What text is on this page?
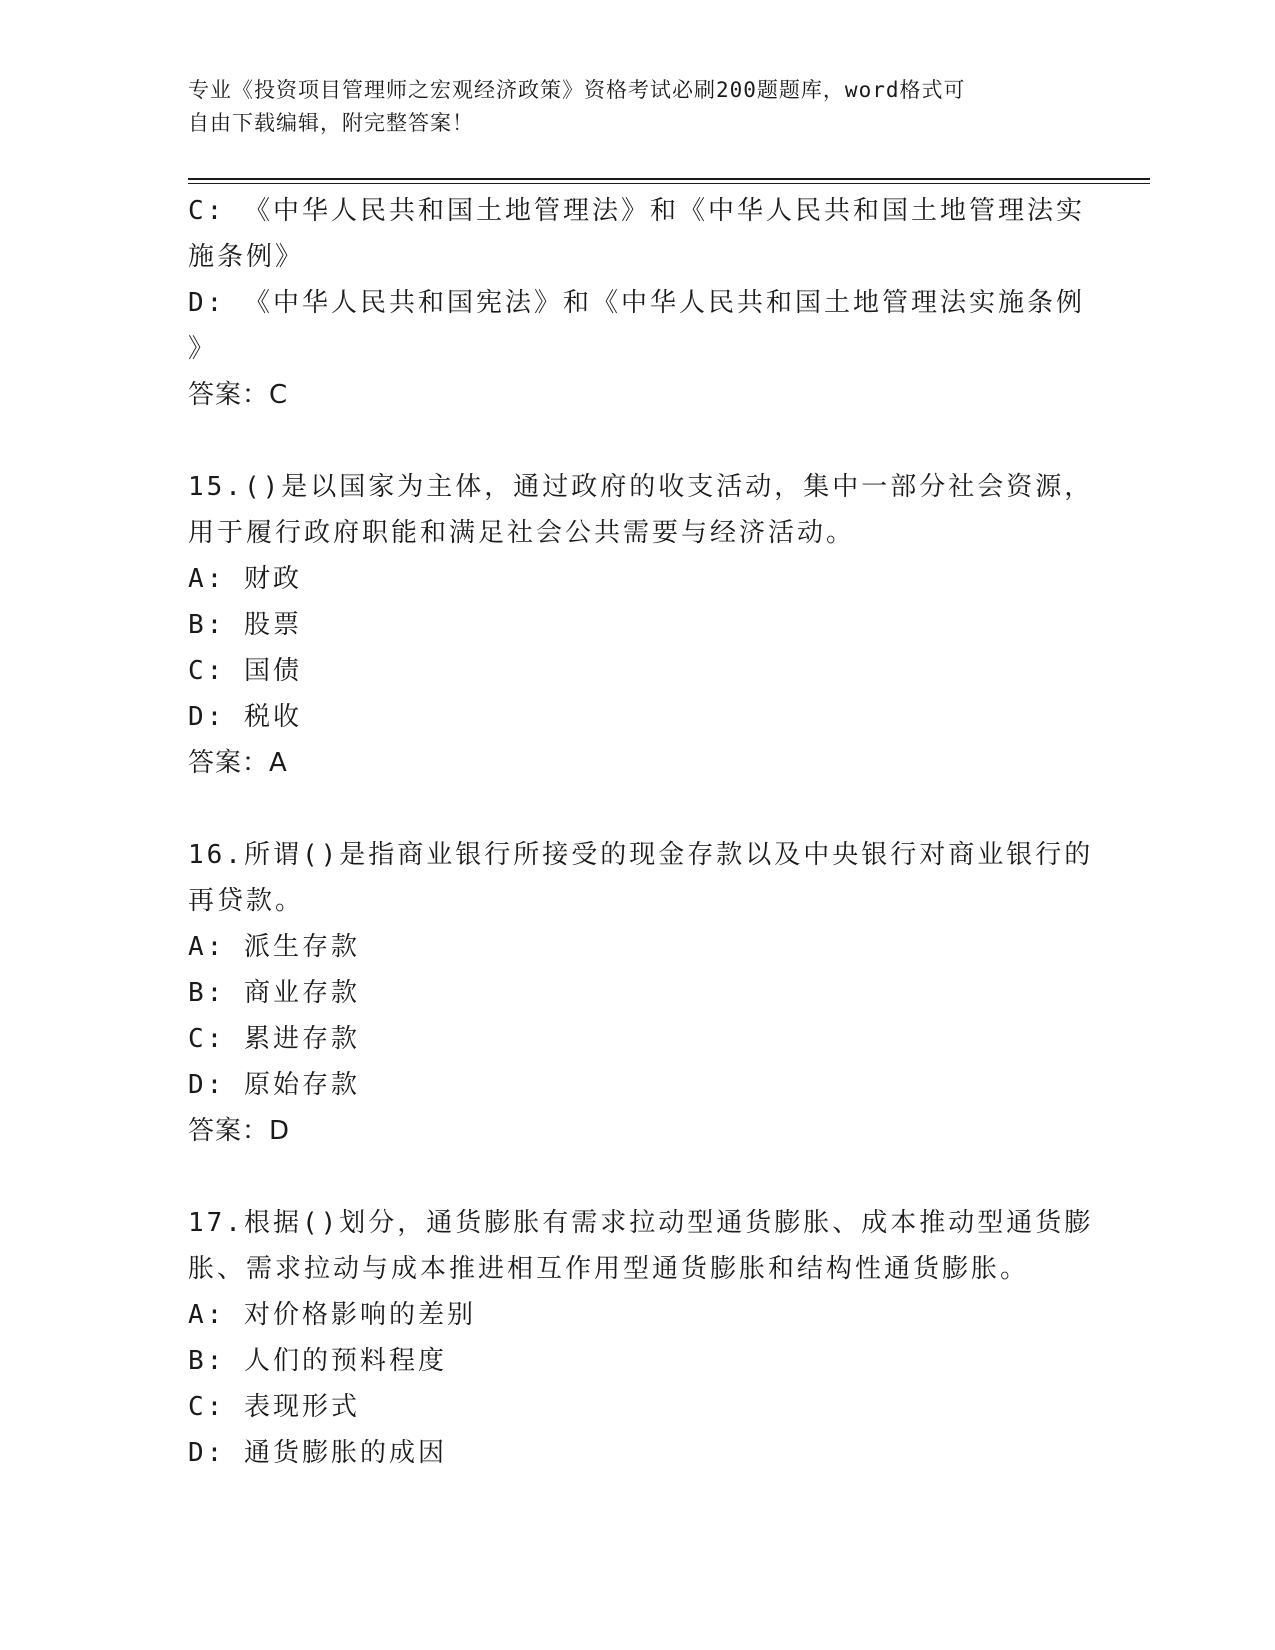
专业《投资项目管理师之宏观经济政策》资格考试必刷200题题库，word格式可
自由下载编辑，附完整答案！
C: 《中华人民共和国土地管理法》和《中华人民共和国土地管理法实
施条例》
D: 《中华人民共和国宪法》和《中华人民共和国土地管理法实施条例
》
答案：C
15.()是以国家为主体，通过政府的收支活动，集中一部分社会资源，
用于履行政府职能和满足社会公共需要与经济活动。
A: 财政
B: 股票
C: 国债
D: 税收
答案：A
16.所谓()是指商业银行所接受的现金存款以及中央银行对商业银行的
再贷款。
A: 派生存款
B: 商业存款
C: 累进存款
D: 原始存款
答案：D
17.根据()划分，通货膨胀有需求拉动型通货膨胀、成本推动型通货膨
胀、需求拉动与成本推进相互作用型通货膨胀和结构性通货膨胀。
A: 对价格影响的差别
B: 人们的预料程度
C: 表现形式
D: 通货膨胀的成因
